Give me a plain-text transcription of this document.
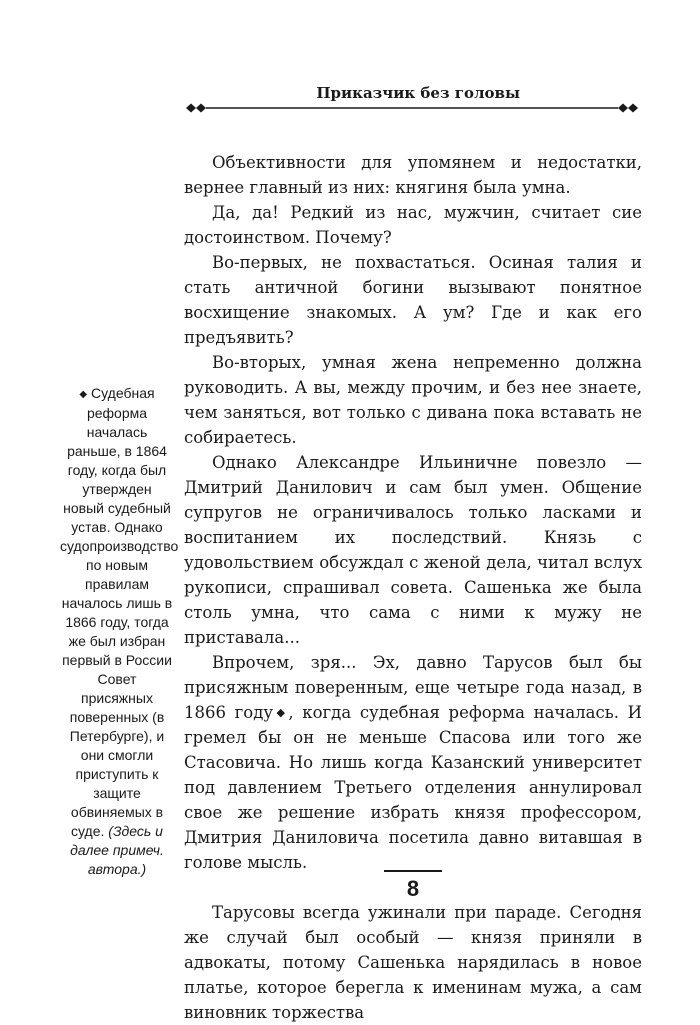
Приказчик без головы

Объективности для упомянем и недостатки, вернее главный из них: княгиня была умна.

Да, да! Редкий из нас, мужчин, считает сие достоинством. Почему?

Во-первых, не похвастаться. Осиная талия и стать античной богини вызывают понятное восхищение знакомых. А ум? Где и как его предъявить?

Во-вторых, умная жена непременно должна руководить. А вы, между прочим, и без нее знаете, чем заняться, вот только с дивана пока вставать не собираетесь.

Однако Александре Ильиничне повезло — Дмитрий Данилович и сам был умен. Общение супругов не ограничивалось только ласками и воспитанием их последствий. Князь с удовольствием обсуждал с женой дела, читал вслух рукописи, спрашивал совета. Сашенька же была столь умна, что сама с ними к мужу не приставала...

Впрочем, зря... Эх, давно Тарусов был бы присяжным поверенным, еще четыре года назад, в 1866 году◆, когда судебная реформа началась. И гремел бы он не меньше Спасова или того же Стасовича. Но лишь когда Казанский университет под давлением Третьего отделения аннулировал свое же решение избрать князя профессором, Дмитрия Даниловича посетила давно витавшая в голове мысль.

Тарусовы всегда ужинали при параде. Сегодня же случай был особый — князя приняли в адвокаты, потому Сашенька нарядилась в новое платье, которое берегла к именинам мужа, а сам виновник торжества

◆ Судебная реформа началась раньше, в 1864 году, когда был утвержден новый судебный устав. Однако судопроизводство по новым правилам началось лишь в 1866 году, тогда же был избран первый в России Совет присяжных поверенных (в Петербурге), и они смогли приступить к защите обвиняемых в суде. (Здесь и далее примеч. автора.)
8
